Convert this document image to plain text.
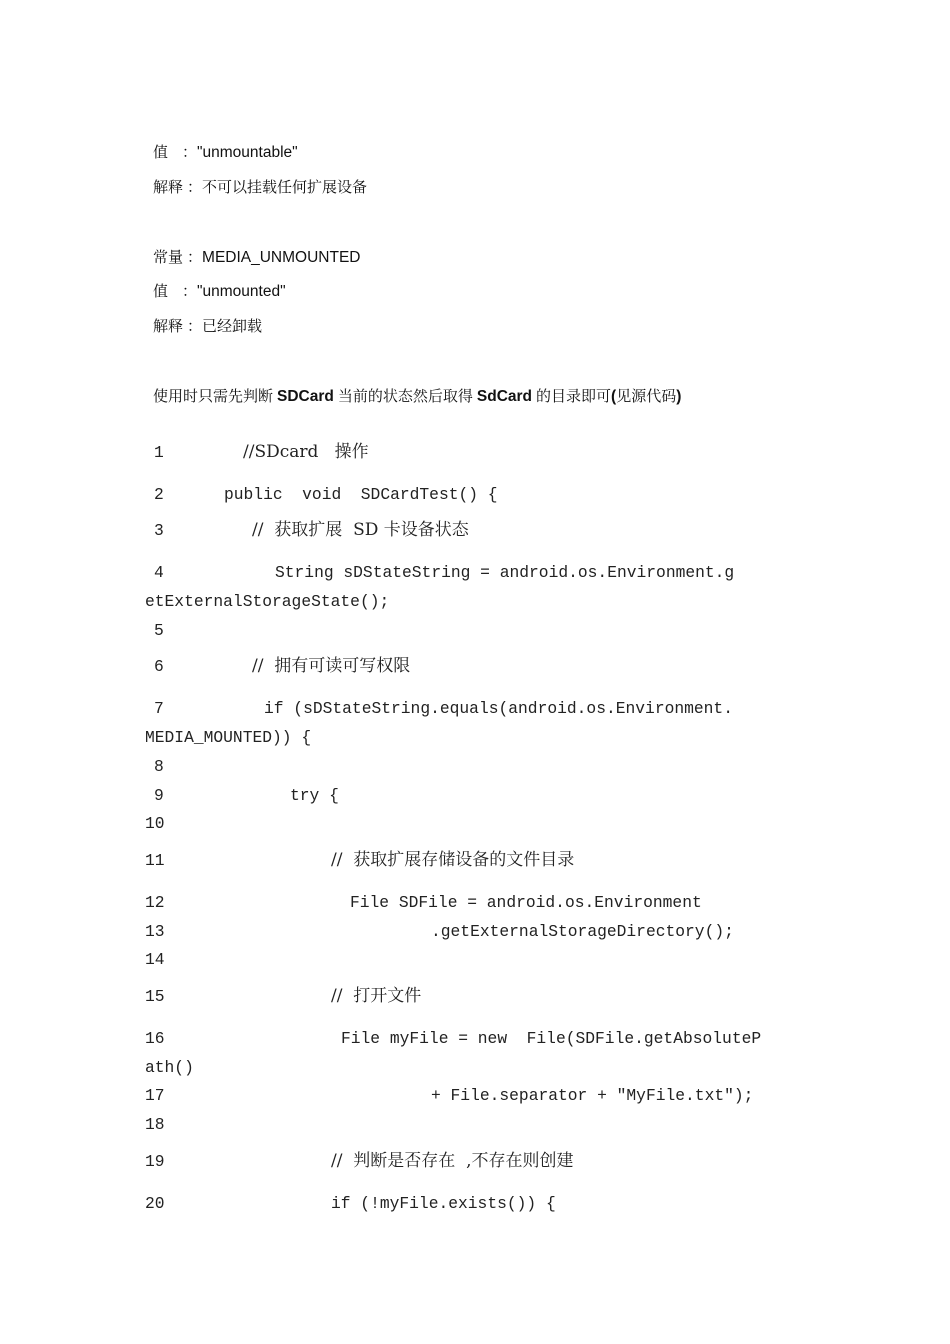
值 ："unmountable"

解释 ：不可以挂载任何扩展设备

常量 ：MEDIA_UNMOUNTED

值 ："unmounted"

解释 ：已经卸载

使用时只需先判断 SDCard 当前的状态然后取得 SdCard 的目录即可(见源代码)

1	//SDcard   操作
2	public  void  SDCardTest() {
3	//  获取扩展  SD 卡设备状态
4	String sDStateString = android.os.Environment.g
etExternalStorageState();
5
6	//  拥有可读可写权限
7	if (sDStateString.equals(android.os.Environment.
MEDIA_MOUNTED)) {
8
9	try {
10
11	//  获取扩展存储设备的文件目录
12	File SDFile = android.os.Environment
13	.getExternalStorageDirectory();
14
15	//  打开文件
16	File myFile = new  File(SDFile.getAbsoluteP
ath()
17	+ File.separator + "MyFile.txt");
18
19	//  判断是否存在  ,不存在则创建
20	if (!myFile.exists()) {
